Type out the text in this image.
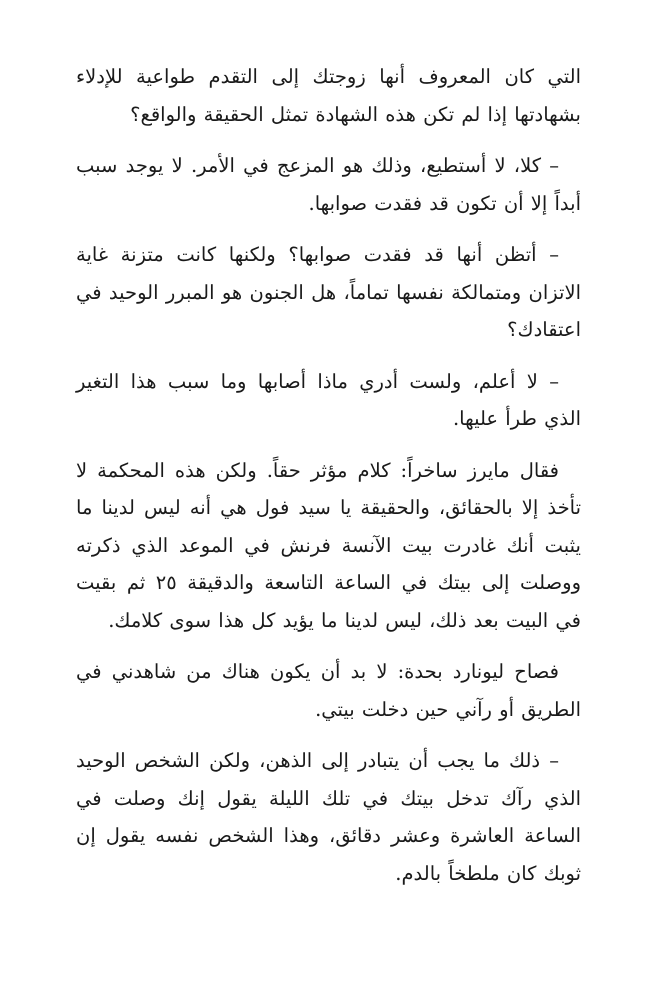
التي كان المعروف أنها زوجتك إلى التقدم طواعية للإدلاء بشهادتها إذا لم تكن هذه الشهادة تمثل الحقيقة والواقع؟

– كلا، لا أستطيع، وذلك هو المزعج في الأمر. لا يوجد سبب أبداً إلا أن تكون قد فقدت صوابها.

– أتظن أنها قد فقدت صوابها؟ ولكنها كانت متزنة غاية الاتزان ومتمالكة نفسها تماماً، هل الجنون هو المبرر الوحيد في اعتقادك؟

– لا أعلم، ولست أدري ماذا أصابها وما سبب هذا التغير الذي طرأ عليها.

فقال مايرز ساخراً: كلام مؤثر حقاً. ولكن هذه المحكمة لا تأخذ إلا بالحقائق، والحقيقة يا سيد فول هي أنه ليس لدينا ما يثبت أنك غادرت بيت الآنسة فرنش في الموعد الذي ذكرته ووصلت إلى بيتك في الساعة التاسعة والدقيقة ٢٥ ثم بقيت في البيت بعد ذلك، ليس لدينا ما يؤيد كل هذا سوى كلامك.

فصاح ليونارد بحدة: لا بد أن يكون هناك من شاهدني في الطريق أو رآني حين دخلت بيتي.

– ذلك ما يجب أن يتبادر إلى الذهن، ولكن الشخص الوحيد الذي رآك تدخل بيتك في تلك الليلة يقول إنك وصلت في الساعة العاشرة وعشر دقائق، وهذا الشخص نفسه يقول إن ثوبك كان ملطخاً بالدم.
